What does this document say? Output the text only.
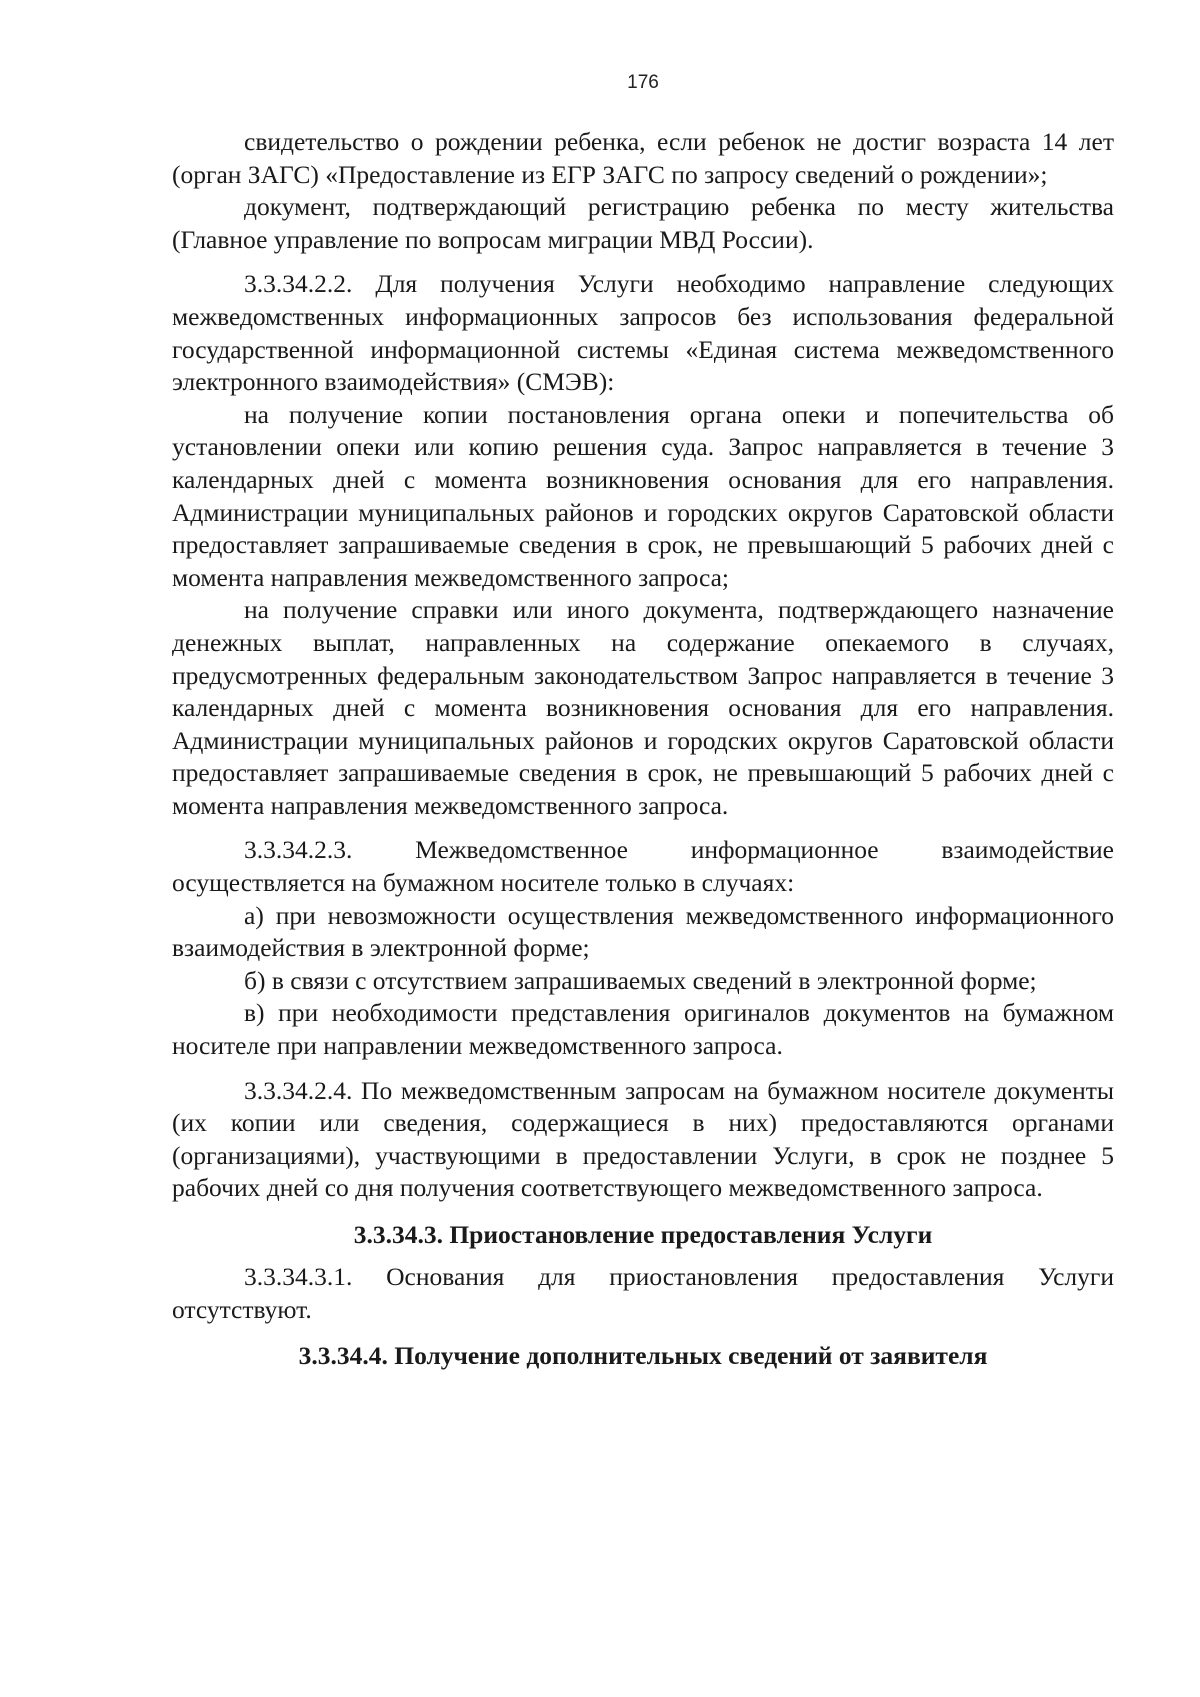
176

свидетельство о рождении ребенка, если ребенок не достиг возраста 14 лет (орган ЗАГС) «Предоставление из ЕГР ЗАГС по запросу сведений о рождении»;

документ, подтверждающий регистрацию ребенка по месту жительства (Главное управление по вопросам миграции МВД России).

3.3.34.2.2. Для получения Услуги необходимо направление следующих межведомственных информационных запросов без использования федеральной государственной информационной системы «Единая система межведомственного электронного взаимодействия» (СМЭВ):

на получение копии постановления органа опеки и попечительства об установлении опеки или копию решения суда. Запрос направляется в течение 3 календарных дней с момента возникновения основания для его направления. Администрации муниципальных районов и городских округов Саратовской области предоставляет запрашиваемые сведения в срок, не превышающий 5 рабочих дней с момента направления межведомственного запроса;

на получение справки или иного документа, подтверждающего назначение денежных выплат, направленных на содержание опекаемого в случаях, предусмотренных федеральным законодательством Запрос направляется в течение 3 календарных дней с момента возникновения основания для его направления. Администрации муниципальных районов и городских округов Саратовской области предоставляет запрашиваемые сведения в срок, не превышающий 5 рабочих дней с момента направления межведомственного запроса.

3.3.34.2.3. Межведомственное информационное взаимодействие осуществляется на бумажном носителе только в случаях:

а) при невозможности осуществления межведомственного информационного взаимодействия в электронной форме;

б) в связи с отсутствием запрашиваемых сведений в электронной форме;

в) при необходимости представления оригиналов документов на бумажном носителе при направлении межведомственного запроса.

3.3.34.2.4. По межведомственным запросам на бумажном носителе документы (их копии или сведения, содержащиеся в них) предоставляются органами (организациями), участвующими в предоставлении Услуги, в срок не позднее 5 рабочих дней со дня получения соответствующего межведомственного запроса.

3.3.34.3. Приостановление предоставления Услуги

3.3.34.3.1. Основания для приостановления предоставления Услуги отсутствуют.

3.3.34.4. Получение дополнительных сведений от заявителя
